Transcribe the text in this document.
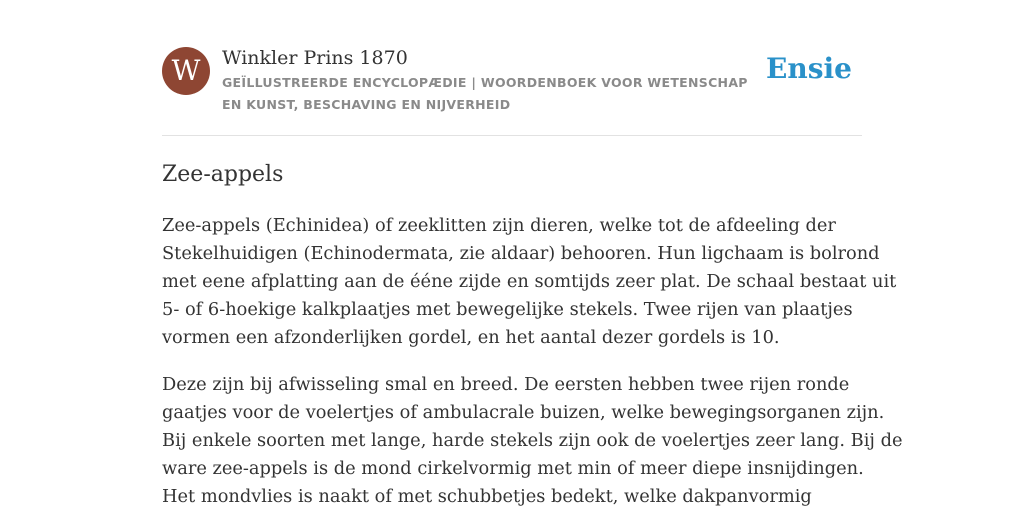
W	Winkler Prins 1870
GEÏLLUSTREERDE ENCYCLOPÆDIE | WOORDENBOEK VOOR WETENSCHAP EN KUNST, BESCHAVING EN NIJVERHEID
Ensie
Zee-appels

Zee-appels (Echinidea) of zeeklitten zijn dieren, welke tot de afdeeling der
Stekelhuidigen (Echinodermata, zie aldaar) behooren. Hun ligchaam is bolrond
met eene afplatting aan de ééne zijde en somtijds zeer plat. De schaal bestaat uit
5- of 6-hoekige kalkplaatjes met bewegelijke stekels. Twee rijen van plaatjes
vormen een afzonderlijken gordel, en het aantal dezer gordels is 10.

Deze zijn bij afwisseling smal en breed. De eersten hebben twee rijen ronde
gaatjes voor de voelertjes of ambulacrale buizen, welke bewegingsorganen zijn.
Bij enkele soorten met lange, harde stekels zijn ook de voelertjes zeer lang. Bij de
ware zee-appels is de mond cirkelvormig met min of meer diepe insnijdingen.
Het mondvlies is naakt of met schubbetjes bedekt, welke dakpanvormig
